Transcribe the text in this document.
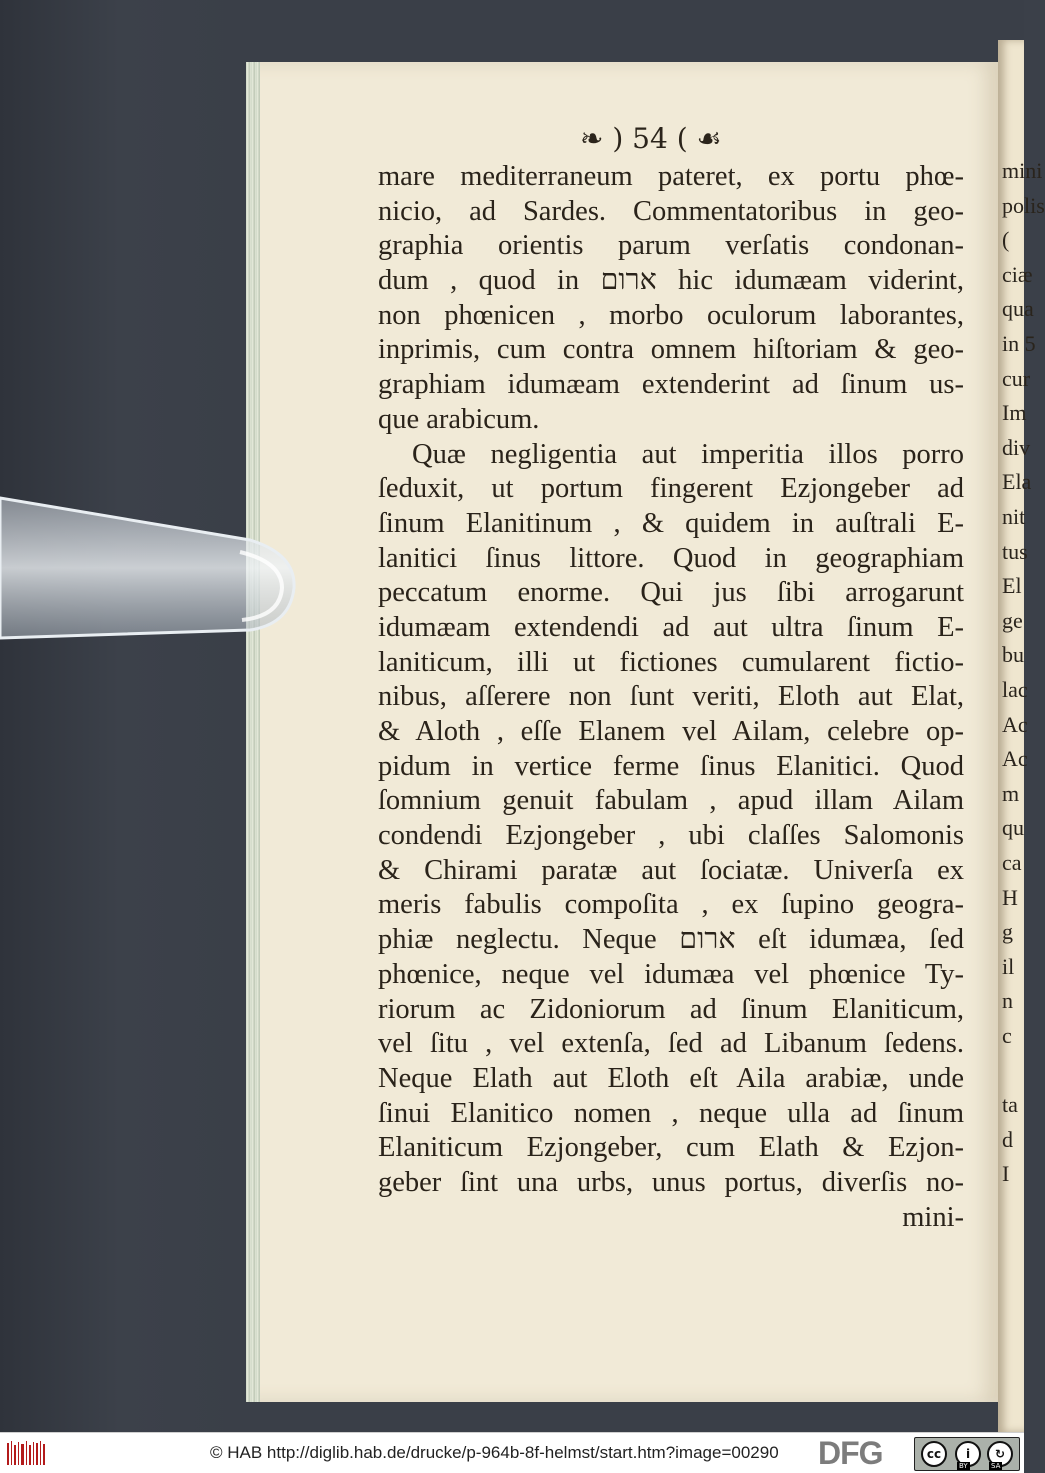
mini
polis
(
ciæ
qua
in 5
cur
Im
div
Ela
nit
tus
El
ge
bu
lac
Ac
Ac
m
qu
ca
H
g
il
n
c
ta
d
I
❧ ) 54 ( ☙
mare mediterraneum pateret, ex portu phœ-
nicio, ad Sardes. Commentatoribus in geo-
graphia orientis parum verſatis condonan-
dum , quod in ארום hic idumæam viderint,
non phœnicen , morbo oculorum laborantes,
inprimis, cum contra omnem hiſtoriam & geo-
graphiam idumæam extenderint ad ſinum us-
que arabicum.
Quæ negligentia aut imperitia illos porro
ſeduxit, ut portum fingerent Ezjongeber ad
ſinum Elanitinum , & quidem in auſtrali E-
lanitici ſinus littore. Quod in geographiam
peccatum enorme. Qui jus ſibi arrogarunt
idumæam extendendi ad aut ultra ſinum E-
laniticum, illi ut fictiones cumularent fictio-
nibus, aſſerere non ſunt veriti, Eloth aut Elat,
& Aloth , eſſe Elanem vel Ailam, celebre op-
pidum in vertice ferme ſinus Elanitici. Quod
ſomnium genuit fabulam , apud illam Ailam
condendi Ezjongeber , ubi claſſes Salomonis
& Chirami paratæ aut ſociatæ. Univerſa ex
meris fabulis compoſita , ex ſupino geogra-
phiæ neglectu. Neque ארום eſt idumæa, ſed
phœnice, neque vel idumæa vel phœnice Ty-
riorum ac Zidoniorum ad ſinum Elaniticum,
vel ſitu , vel extenſa, ſed ad Libanum ſedens.
Neque Elath aut Eloth eſt Aila arabiæ, unde
ſinui Elanitico nomen , neque ulla ad ſinum
Elaniticum Ezjongeber, cum Elath & Ezjon-
geber ſint una urbs, unus portus, diverſis no-
mini-
© HAB http://diglib.hab.de/drucke/p-964b-8f-helmst/start.htm?image=00290 DFG	cc	i	↻
BY	SA
